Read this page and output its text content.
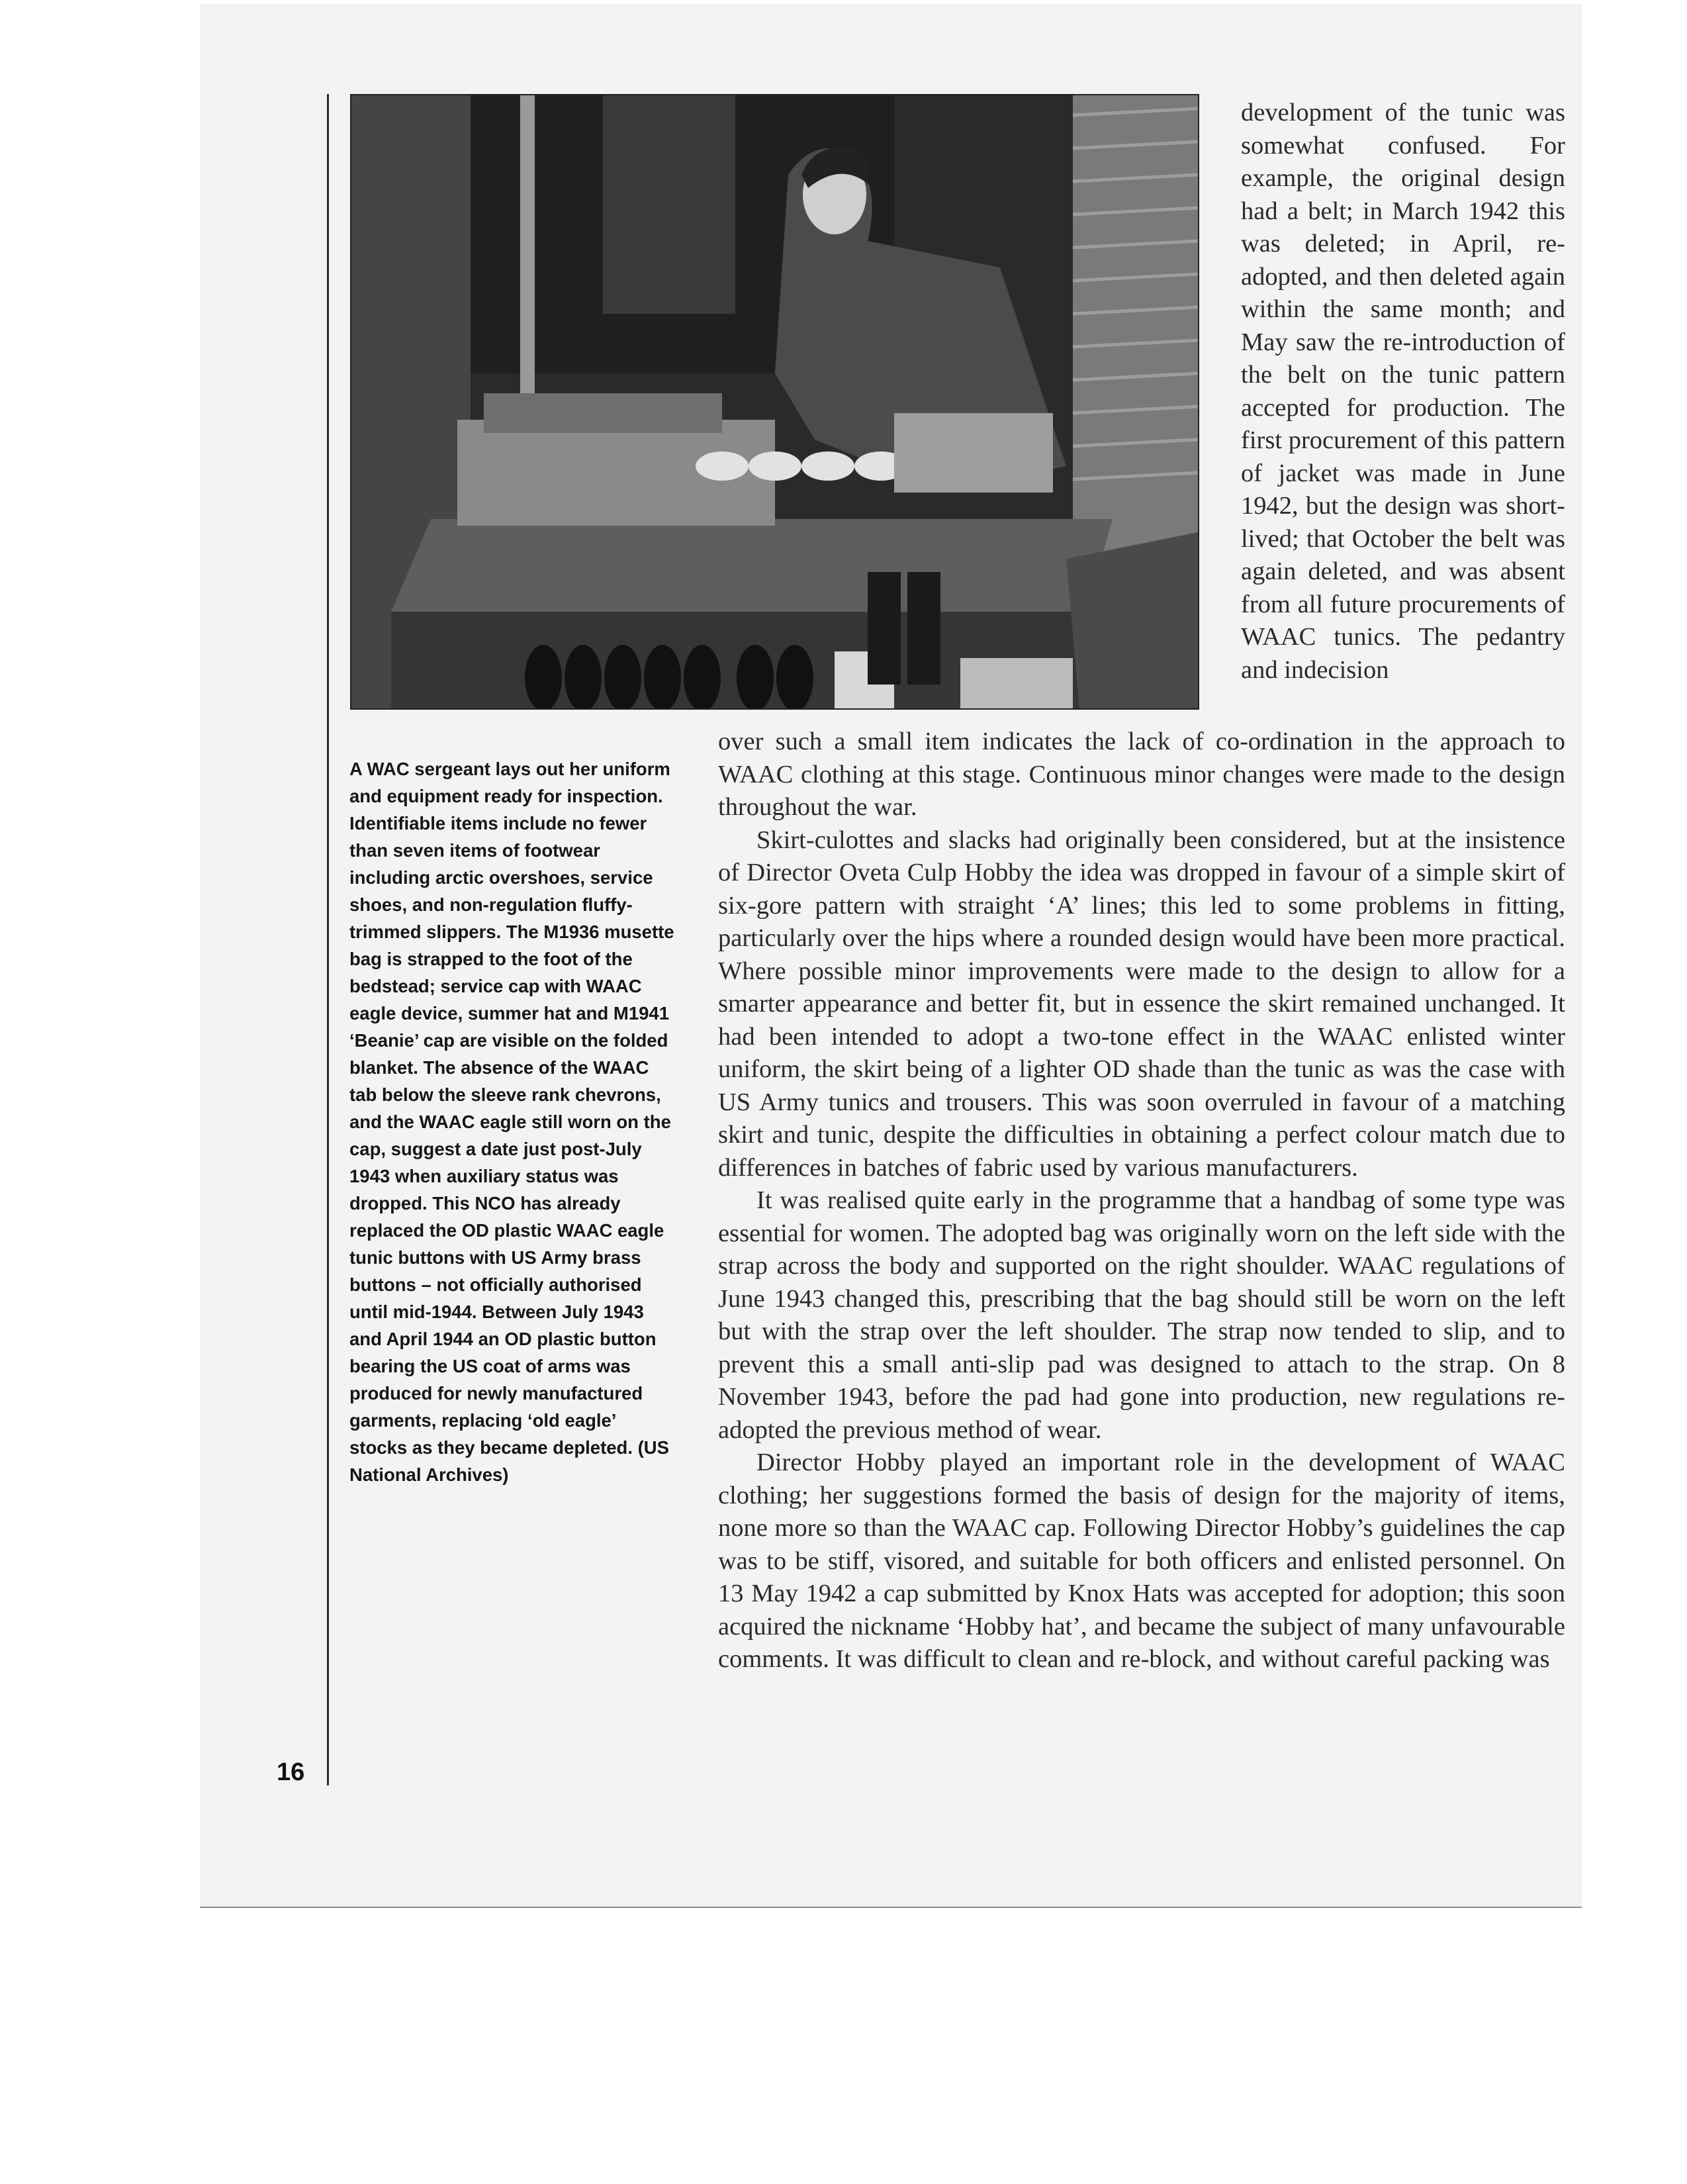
16
A WAC sergeant lays out her uniform and equipment ready for inspection. Identifiable items include no fewer than seven items of footwear including arctic overshoes, service shoes, and non-regulation fluffy-trimmed slippers. The M1936 musette bag is strapped to the foot of the bedstead; service cap with WAAC eagle device, summer hat and M1941 ‘Beanie’ cap are visible on the folded blanket. The absence of the WAAC tab below the sleeve rank chevrons, and the WAAC eagle still worn on the cap, suggest a date just post-July 1943 when auxiliary status was dropped. This NCO has already replaced the OD plastic WAAC eagle tunic buttons with US Army brass buttons – not officially authorised until mid-1944. Between July 1943 and April 1944 an OD plastic button bearing the US coat of arms was produced for newly manufactured garments, replacing ‘old eagle’ stocks as they became depleted. (US National Archives)

development of the tunic was somewhat confused. For example, the original design had a belt; in March 1942 this was deleted; in April, re-adopted, and then deleted again within the same month; and May saw the re-introduction of the belt on the tunic pattern accepted for production. The first procurement of this pattern of jacket was made in June 1942, but the design was short-lived; that October the belt was again deleted, and was absent from all future procurements of WAAC tunics. The pedantry and indecision

over such a small item indicates the lack of co-ordination in the approach to WAAC clothing at this stage. Continuous minor changes were made to the design throughout the war.

Skirt-culottes and slacks had originally been considered, but at the insistence of Director Oveta Culp Hobby the idea was dropped in favour of a simple skirt of six-gore pattern with straight ‘A’ lines; this led to some problems in fitting, particularly over the hips where a rounded design would have been more practical. Where possible minor improvements were made to the design to allow for a smarter appearance and better fit, but in essence the skirt remained unchanged. It had been intended to adopt a two-tone effect in the WAAC enlisted winter uniform, the skirt being of a lighter OD shade than the tunic as was the case with US Army tunics and trousers. This was soon overruled in favour of a matching skirt and tunic, despite the difficulties in obtaining a perfect colour match due to differences in batches of fabric used by various manufacturers.

It was realised quite early in the programme that a handbag of some type was essential for women. The adopted bag was originally worn on the left side with the strap across the body and supported on the right shoulder. WAAC regulations of June 1943 changed this, prescribing that the bag should still be worn on the left but with the strap over the left shoulder. The strap now tended to slip, and to prevent this a small anti-slip pad was designed to attach to the strap. On 8 November 1943, before the pad had gone into production, new regulations re-adopted the previous method of wear.

Director Hobby played an important role in the development of WAAC clothing; her suggestions formed the basis of design for the majority of items, none more so than the WAAC cap. Following Director Hobby’s guidelines the cap was to be stiff, visored, and suitable for both officers and enlisted personnel. On 13 May 1942 a cap submitted by Knox Hats was accepted for adoption; this soon acquired the nickname ‘Hobby hat’, and became the subject of many unfavourable comments. It was difficult to clean and re-block, and without careful packing was
